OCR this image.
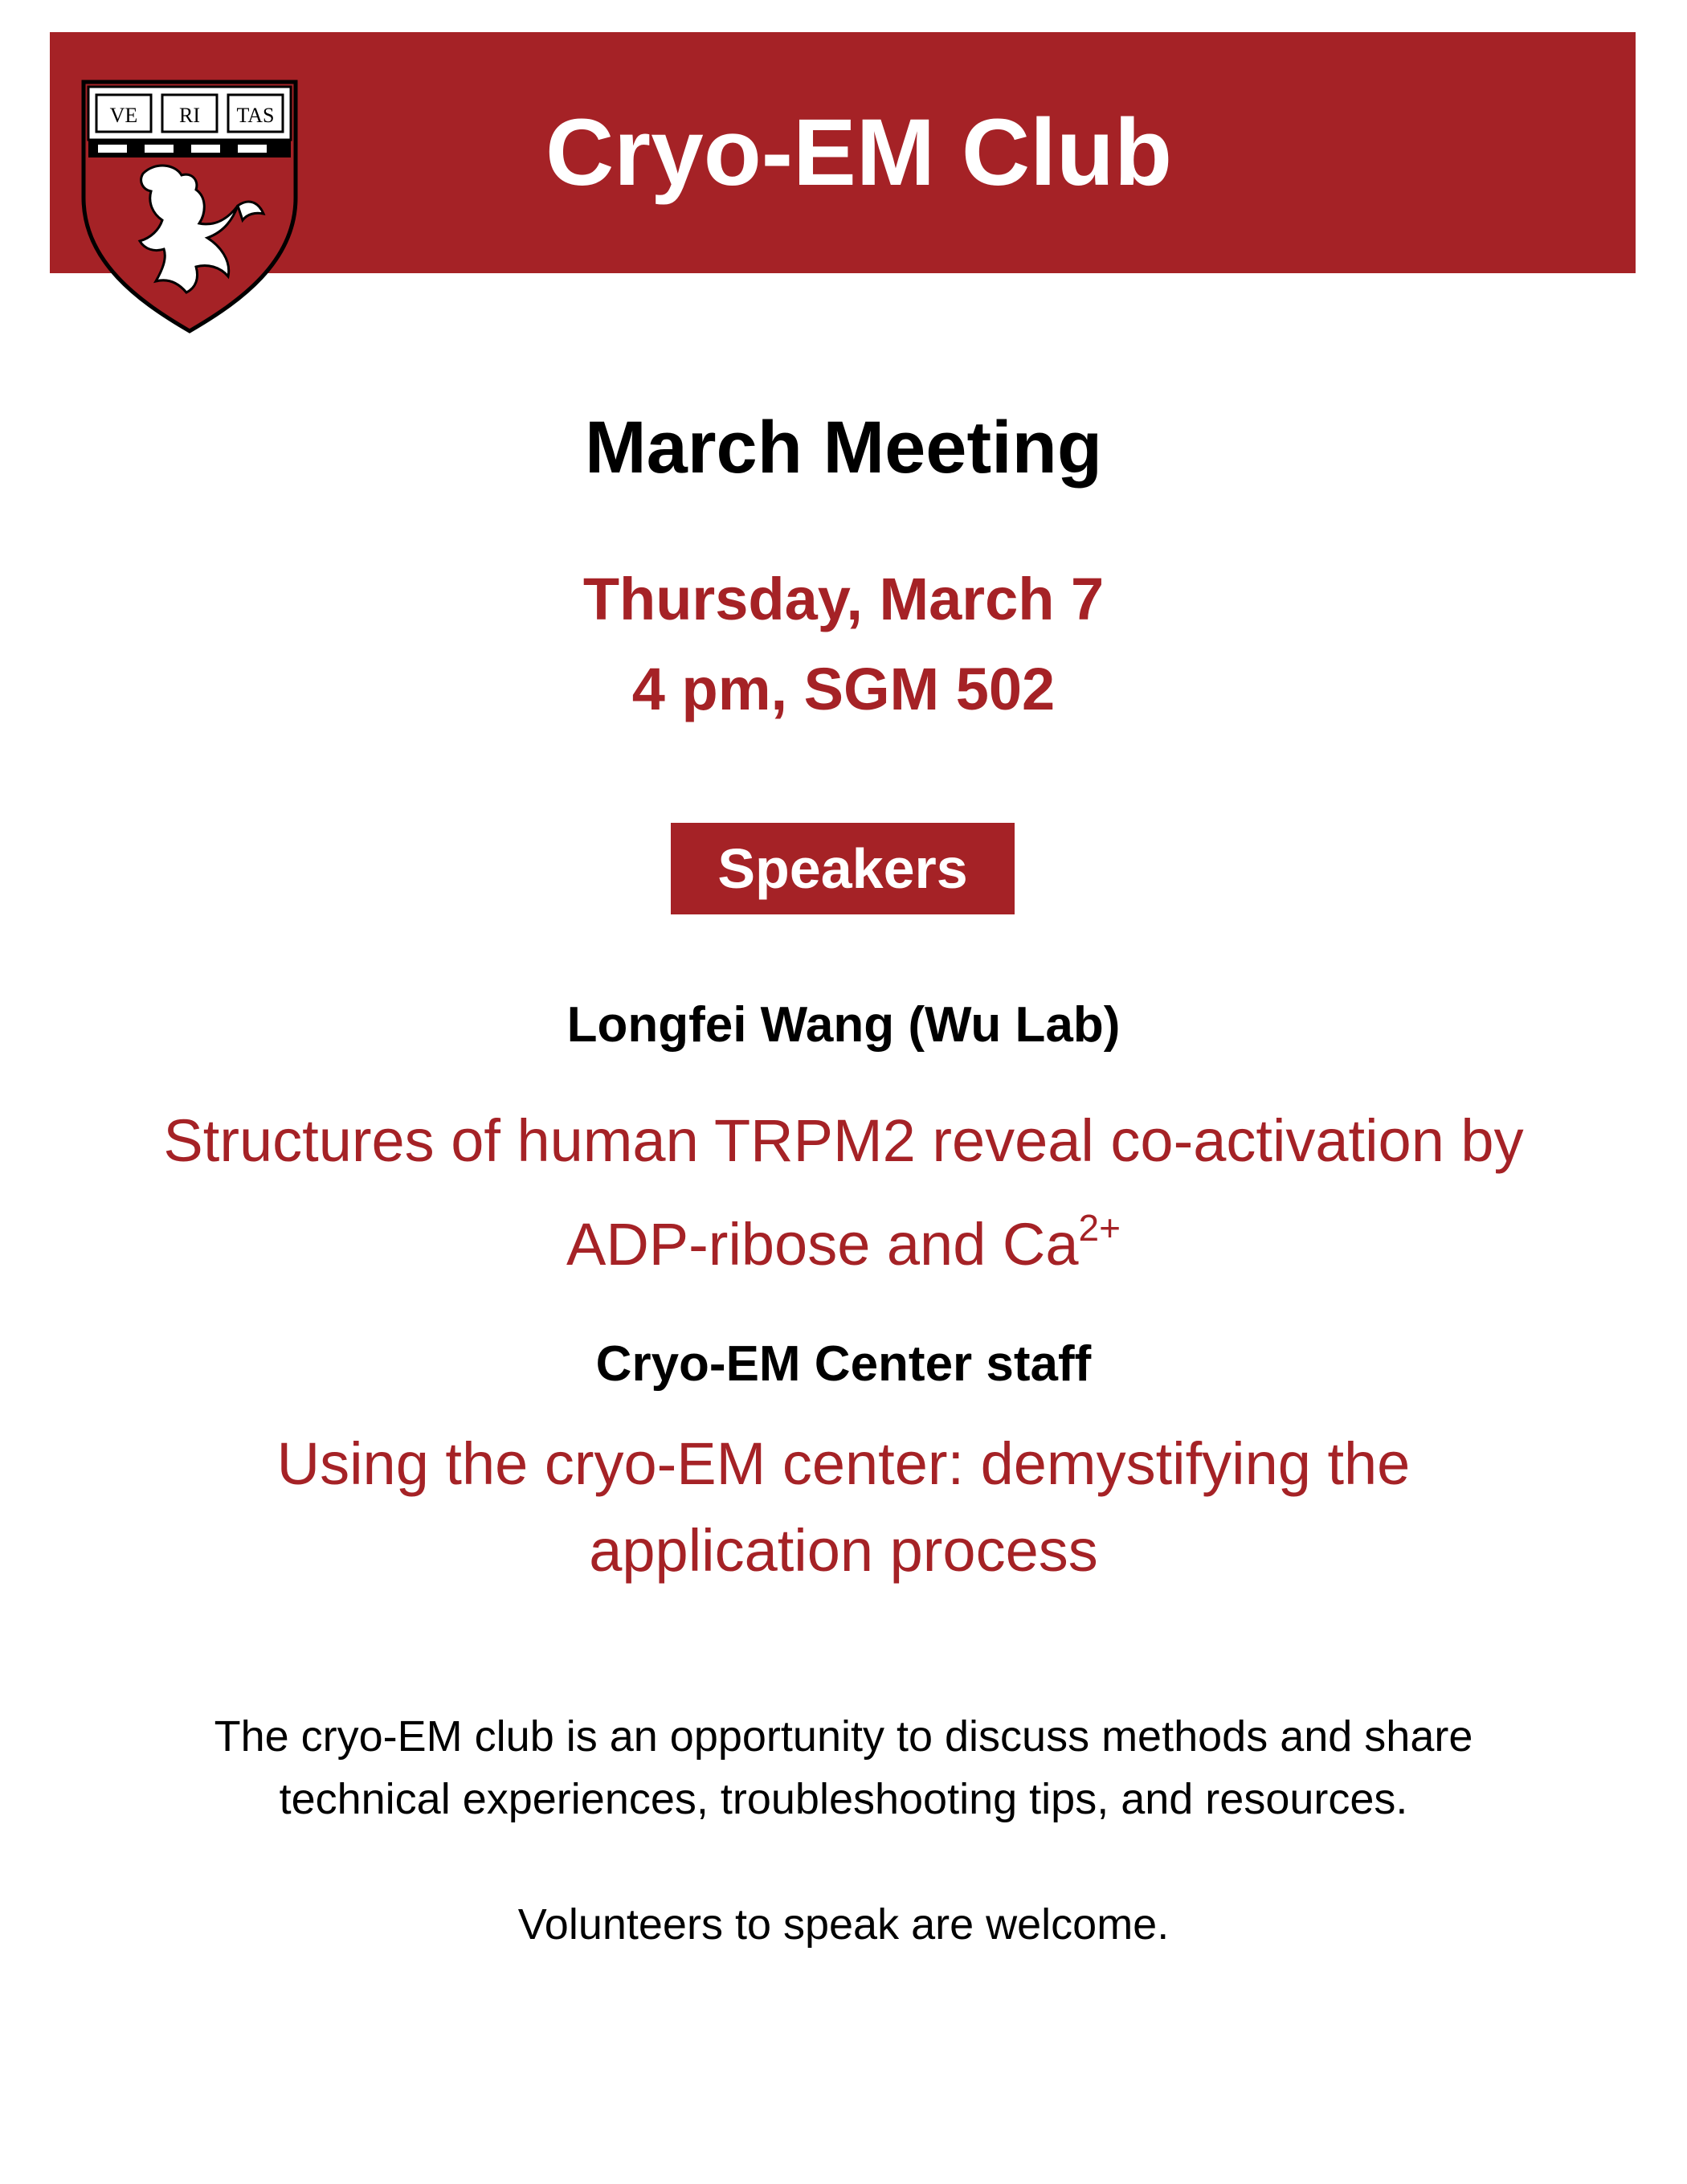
Cryo-EM Club
VE RI TAS
March Meeting
Thursday, March 7
4 pm, SGM 502
Speakers
Longfei Wang (Wu Lab)
Structures of human TRPM2 reveal co-activation by
ADP-ribose and $Ca^{2+}$
Cryo-EM Center staff
Using the cryo-EM center: demystifying the
application process
The cryo-EM club is an opportunity to discuss methods and share
technical experiences, troubleshooting tips, and resources.
Volunteers to speak are welcome.
